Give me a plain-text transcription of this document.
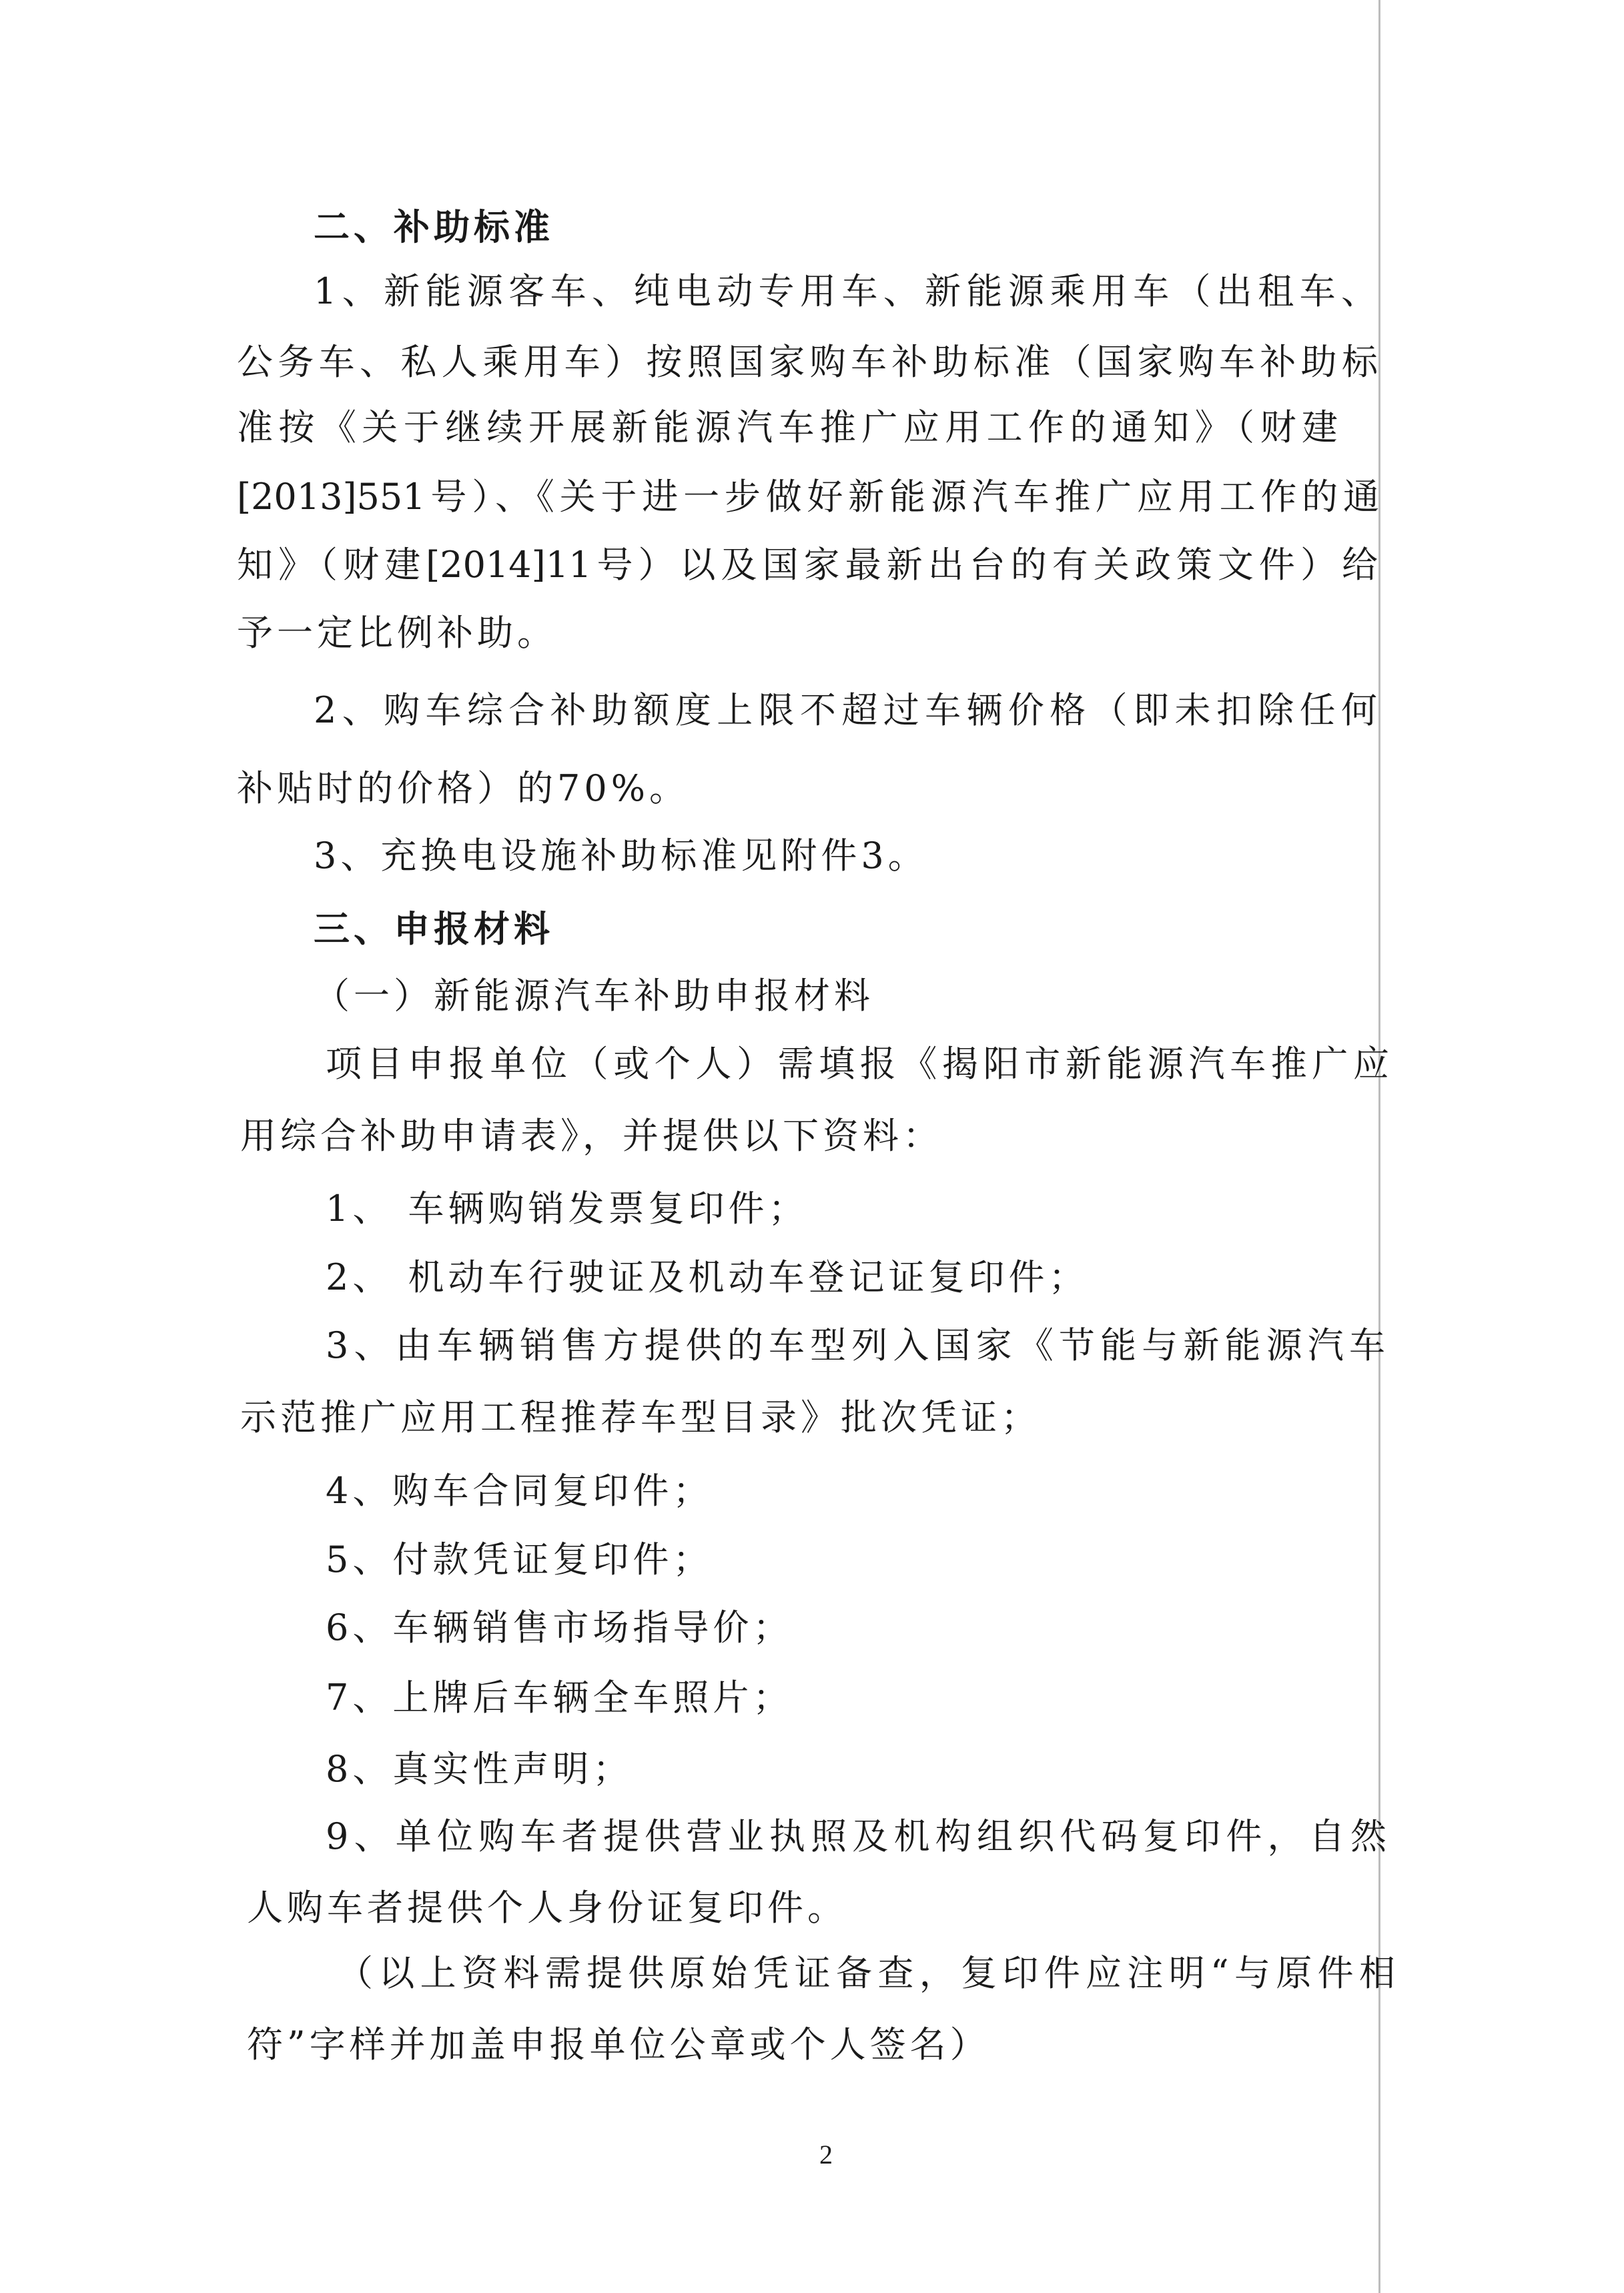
二、补助标准
1、新能源客车、纯电动专用车、新能源乘用车（出租车、
公务车、私人乘用车）按照国家购车补助标准（国家购车补助标
准按《关于继续开展新能源汽车推广应用工作的通知》（财建
[2013]551号）、《关于进一步做好新能源汽车推广应用工作的通
知》（财建[2014]11号）以及国家最新出台的有关政策文件）给
予一定比例补助。
2、购车综合补助额度上限不超过车辆价格（即未扣除任何
补贴时的价格）的70%。
3、充换电设施补助标准见附件3。
三、申报材料
（一）新能源汽车补助申报材料
项目申报单位（或个人）需填报《揭阳市新能源汽车推广应
用综合补助申请表》，并提供以下资料：
1、 车辆购销发票复印件；
2、 机动车行驶证及机动车登记证复印件；
3、由车辆销售方提供的车型列入国家《节能与新能源汽车
示范推广应用工程推荐车型目录》批次凭证；
4、购车合同复印件；
5、付款凭证复印件；
6、车辆销售市场指导价；
7、上牌后车辆全车照片；
8、真实性声明；
9、单位购车者提供营业执照及机构组织代码复印件，自然
人购车者提供个人身份证复印件。
（以上资料需提供原始凭证备查，复印件应注明“与原件相
符”字样并加盖申报单位公章或个人签名）
2
